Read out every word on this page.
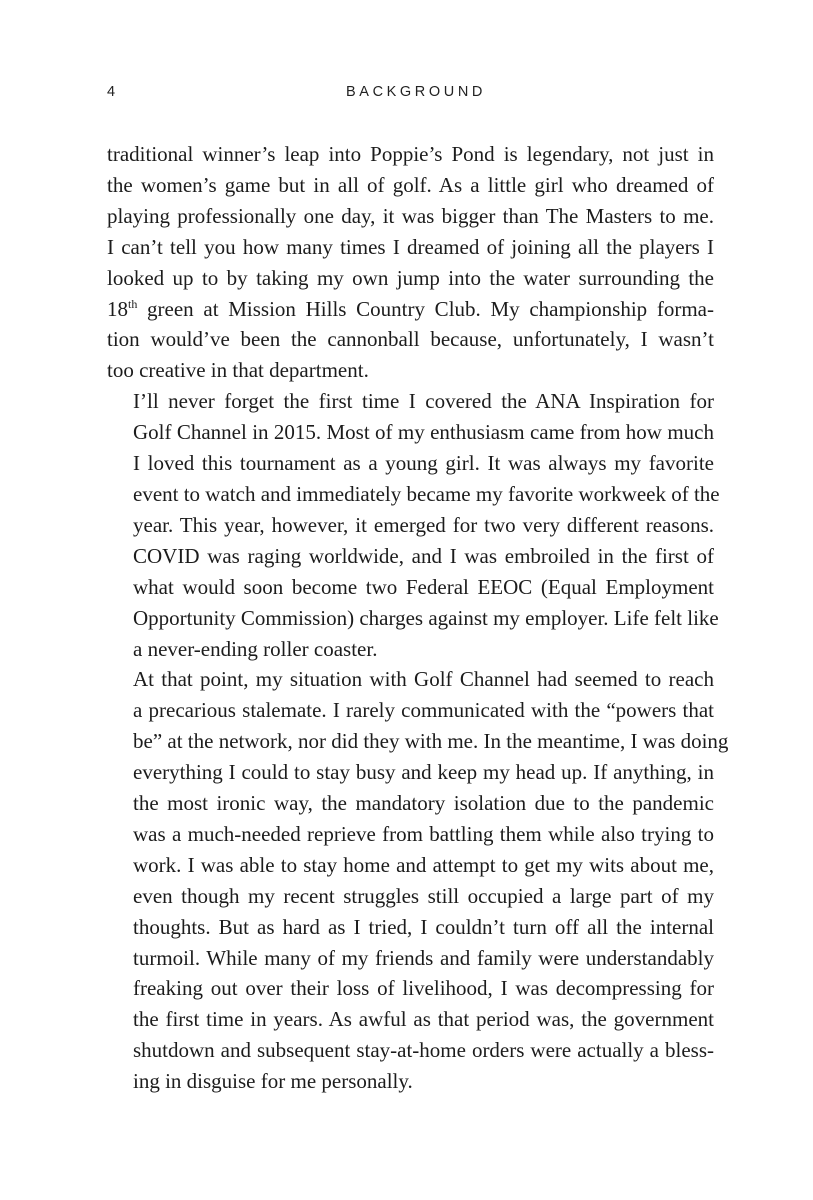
4	BACKGROUND

traditional winner’s leap into Poppie’s Pond is legendary, not just in
the women’s game but in all of golf. As a little girl who dreamed of
playing professionally one day, it was bigger than The Masters to me.
I can’t tell you how many times I dreamed of joining all the players I
looked up to by taking my own jump into the water surrounding the
18th green at Mission Hills Country Club. My championship forma-
tion would’ve been the cannonball because, unfortunately, I wasn’t
too creative in that department.

I’ll never forget the first time I covered the ANA Inspiration for
Golf Channel in 2015. Most of my enthusiasm came from how much
I loved this tournament as a young girl. It was always my favorite
event to watch and immediately became my favorite workweek of the
year. This year, however, it emerged for two very different reasons.
COVID was raging worldwide, and I was embroiled in the first of
what would soon become two Federal EEOC (Equal Employment
Opportunity Commission) charges against my employer. Life felt like
a never-ending roller coaster.

At that point, my situation with Golf Channel had seemed to reach
a precarious stalemate. I rarely communicated with the “powers that
be” at the network, nor did they with me. In the meantime, I was doing
everything I could to stay busy and keep my head up. If anything, in
the most ironic way, the mandatory isolation due to the pandemic
was a much-needed reprieve from battling them while also trying to
work. I was able to stay home and attempt to get my wits about me,
even though my recent struggles still occupied a large part of my
thoughts. But as hard as I tried, I couldn’t turn off all the internal
turmoil. While many of my friends and family were understandably
freaking out over their loss of livelihood, I was decompressing for
the first time in years. As awful as that period was, the government
shutdown and subsequent stay-at-home orders were actually a bless-
ing in disguise for me personally.
